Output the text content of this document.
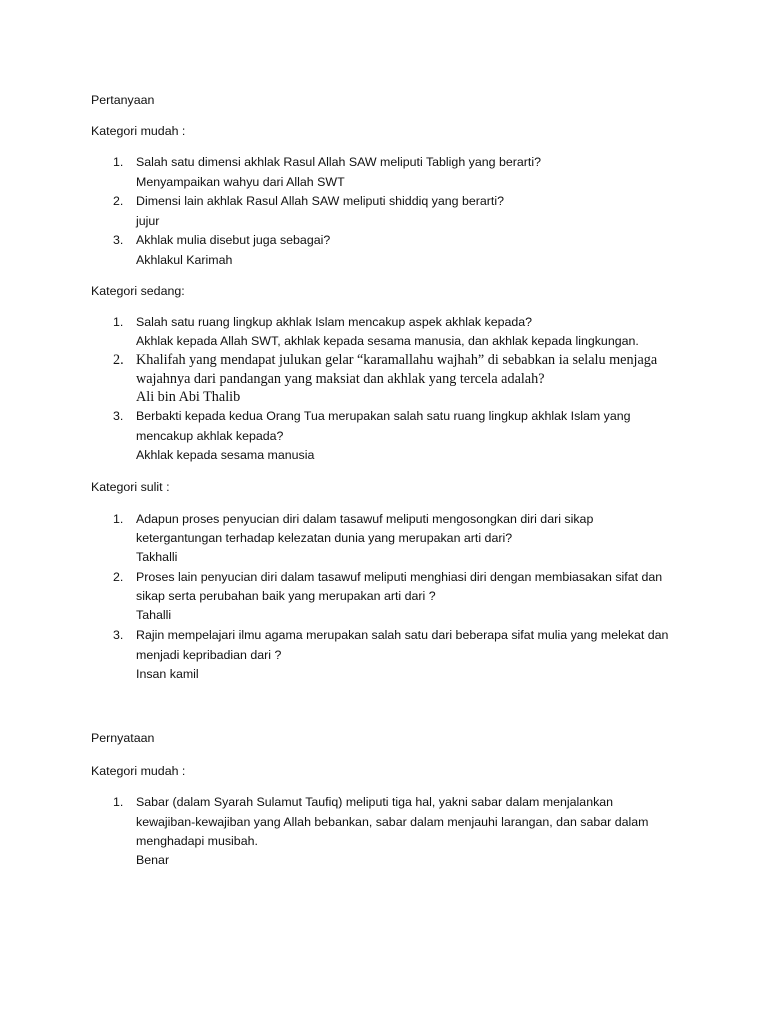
Pertanyaan
Kategori mudah :
1. Salah satu dimensi akhlak Rasul Allah SAW meliputi Tabligh yang berarti?
Menyampaikan wahyu dari Allah SWT
2. Dimensi lain akhlak Rasul Allah SAW meliputi shiddiq yang berarti?
jujur
3. Akhlak mulia disebut juga sebagai?
Akhlakul Karimah
Kategori sedang:
1. Salah satu ruang lingkup akhlak Islam mencakup aspek akhlak kepada?
Akhlak kepada Allah SWT, akhlak kepada sesama manusia, dan akhlak kepada lingkungan.
2. Khalifah yang mendapat julukan gelar “karamallahu wajhah” di sebabkan ia selalu menjaga
wajahnya dari pandangan yang maksiat dan akhlak yang tercela adalah?
Ali bin Abi Thalib
3. Berbakti kepada kedua Orang Tua merupakan salah satu ruang lingkup akhlak Islam yang
mencakup akhlak kepada?
Akhlak kepada sesama manusia
Kategori sulit :
1. Adapun proses penyucian diri dalam tasawuf meliputi mengosongkan diri dari sikap
ketergantungan terhadap kelezatan dunia yang merupakan arti dari?
Takhalli
2. Proses lain penyucian diri dalam tasawuf meliputi menghiasi diri dengan membiasakan sifat dan
sikap serta perubahan baik yang merupakan arti dari ?
Tahalli
3. Rajin mempelajari ilmu agama merupakan salah satu dari beberapa sifat mulia yang melekat dan
menjadi kepribadian dari ?
Insan kamil
Pernyataan
Kategori mudah :
1. Sabar (dalam Syarah Sulamut Taufiq) meliputi tiga hal, yakni sabar dalam menjalankan
kewajiban-kewajiban yang Allah bebankan, sabar dalam menjauhi larangan, dan sabar dalam
menghadapi musibah.
Benar
